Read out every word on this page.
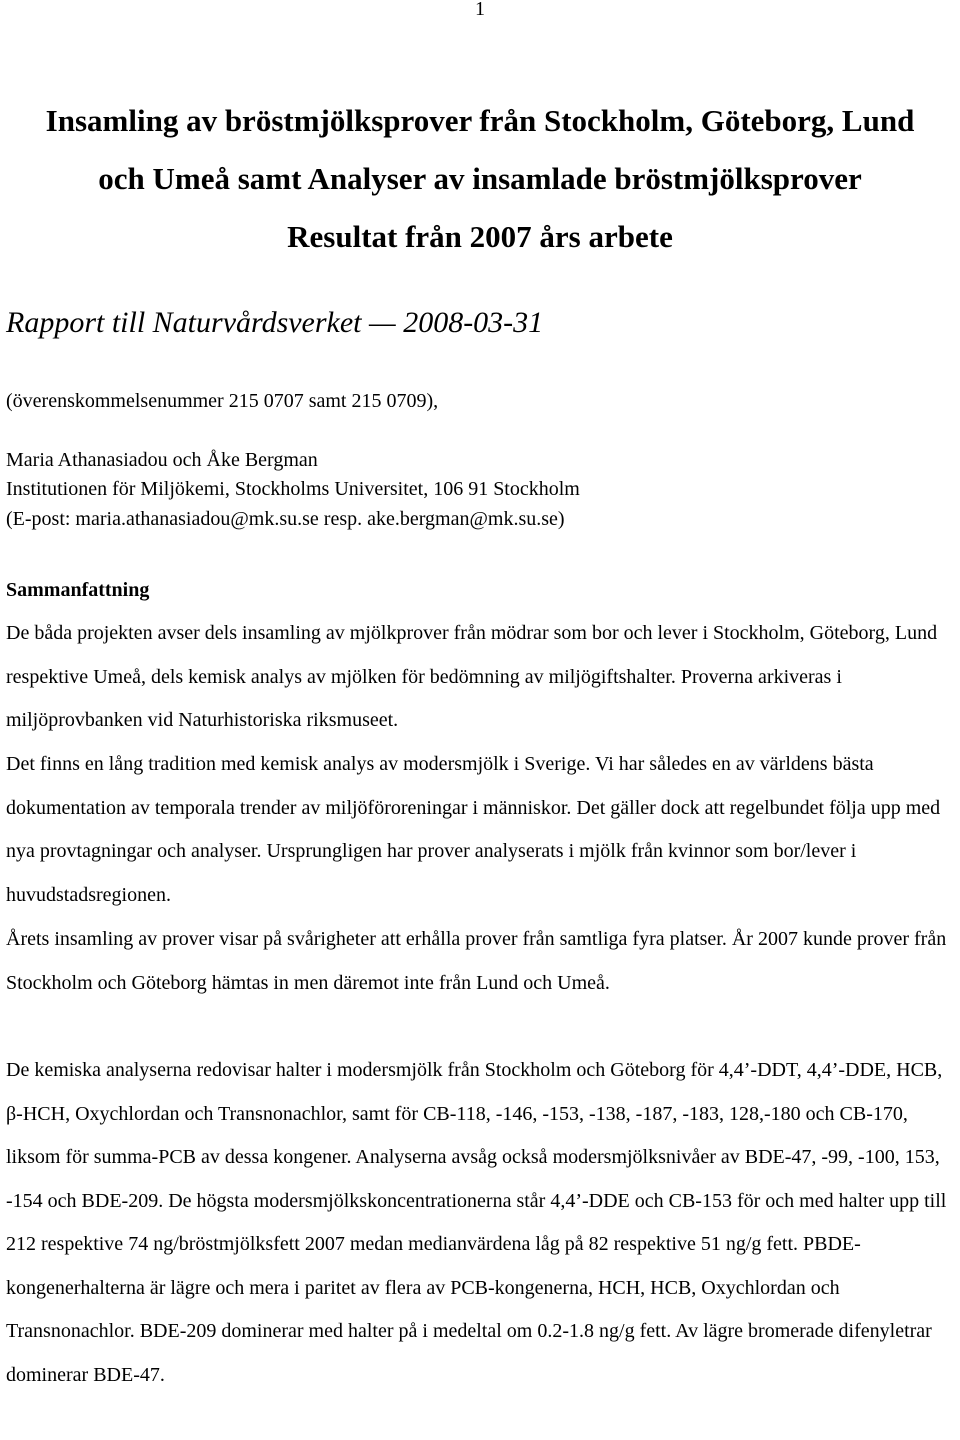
1
Insamling av bröstmjölksprover från Stockholm, Göteborg, Lund
och Umeå samt Analyser av insamlade bröstmjölksprover
Resultat från 2007 års arbete
Rapport till Naturvårdsverket — 2008-03-31
(överenskommelsenummer 215 0707 samt 215 0709),
Maria Athanasiadou och Åke Bergman
Institutionen för Miljökemi, Stockholms Universitet, 106 91 Stockholm
(E-post: maria.athanasiadou@mk.su.se resp. ake.bergman@mk.su.se)
Sammanfattning

De båda projekten avser dels insamling av mjölkprover från mödrar som bor och lever i Stockholm, Göteborg, Lund respektive Umeå, dels kemisk analys av mjölken för bedömning av miljögiftshalter. Proverna arkiveras i miljöprovbanken vid Naturhistoriska riksmuseet.

Det finns en lång tradition med kemisk analys av modersmjölk i Sverige. Vi har således en av världens bästa dokumentation av temporala trender av miljöföroreningar i människor. Det gäller dock att regelbundet följa upp med nya provtagningar och analyser. Ursprungligen har prover analyserats i mjölk från kvinnor som bor/lever i huvudstadsregionen.

Årets insamling av prover visar på svårigheter att erhålla prover från samtliga fyra platser. År 2007 kunde prover från Stockholm och Göteborg hämtas in men däremot inte från Lund och Umeå.

De kemiska analyserna redovisar halter i modersmjölk från Stockholm och Göteborg för 4,4’-DDT, 4,4’-DDE, HCB, β-HCH, Oxychlordan och Transnonachlor, samt för CB-118, -146, -153, -138, -187, -183, 128,-180 och CB-170, liksom för summa-PCB av dessa kongener. Analyserna avsåg också modersmjölksnivåer av BDE-47, -99, -100, 153, -154 och BDE-209. De högsta modersmjölkskoncentrationerna står 4,4’-DDE och CB-153 för och med halter upp till 212 respektive 74 ng/bröstmjölksfett 2007 medan medianvärdena låg på 82 respektive 51 ng/g fett. PBDE-kongenerhalterna är lägre och mera i paritet av flera av PCB-kongenerna, HCH, HCB, Oxychlordan och Transnonachlor. BDE-209 dominerar med halter på i medeltal om 0.2-1.8 ng/g fett. Av lägre bromerade difenyletrar dominerar BDE-47.
